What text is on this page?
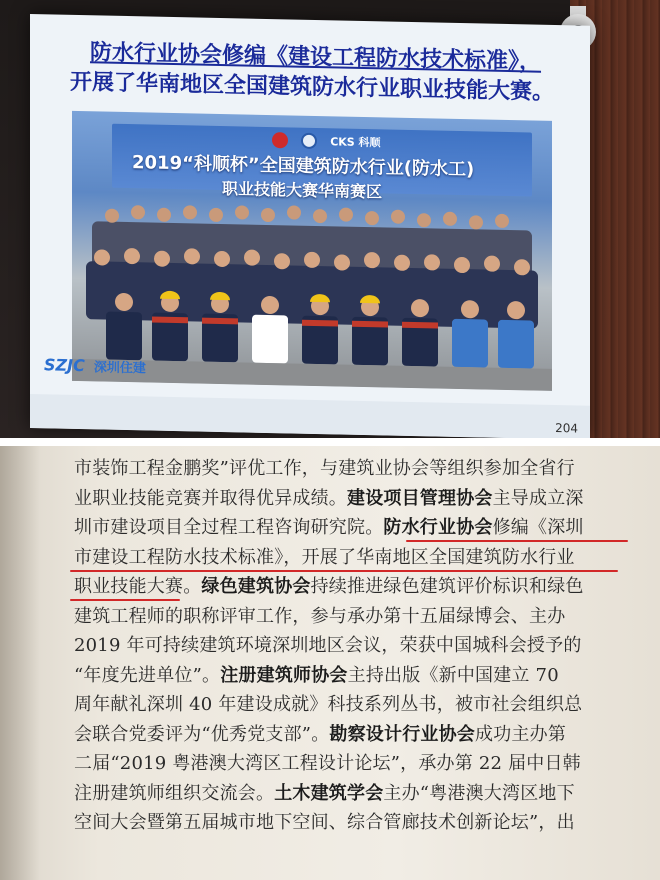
防水行业协会修编《建设工程防水技术标准》，
开展了华南地区全国建筑防水行业职业技能大赛。
CKS 科顺
2019“科顺杯”全国建筑防水行业(防水工)
职业技能大赛华南赛区
SZJC 深圳住建
204
市装饰工程金鹏奖”评优工作，与建筑业协会等组织参加全省行
业职业技能竞赛并取得优异成绩。建设项目管理协会主导成立深
圳市建设项目全过程工程咨询研究院。防水行业协会修编《深圳
市建设工程防水技术标准》，开展了华南地区全国建筑防水行业
职业技能大赛。绿色建筑协会持续推进绿色建筑评价标识和绿色
建筑工程师的职称评审工作，参与承办第十五届绿博会、主办
2019 年可持续建筑环境深圳地区会议，荣获中国城科会授予的
“年度先进单位”。注册建筑师协会主持出版《新中国建立 70
周年献礼深圳 40 年建设成就》科技系列丛书，被市社会组织总
会联合党委评为“优秀党支部”。勘察设计行业协会成功主办第
二届“2019 粤港澳大湾区工程设计论坛”，承办第 22 届中日韩
注册建筑师组织交流会。土木建筑学会主办“粤港澳大湾区地下
空间大会暨第五届城市地下空间、综合管廊技术创新论坛”，出
